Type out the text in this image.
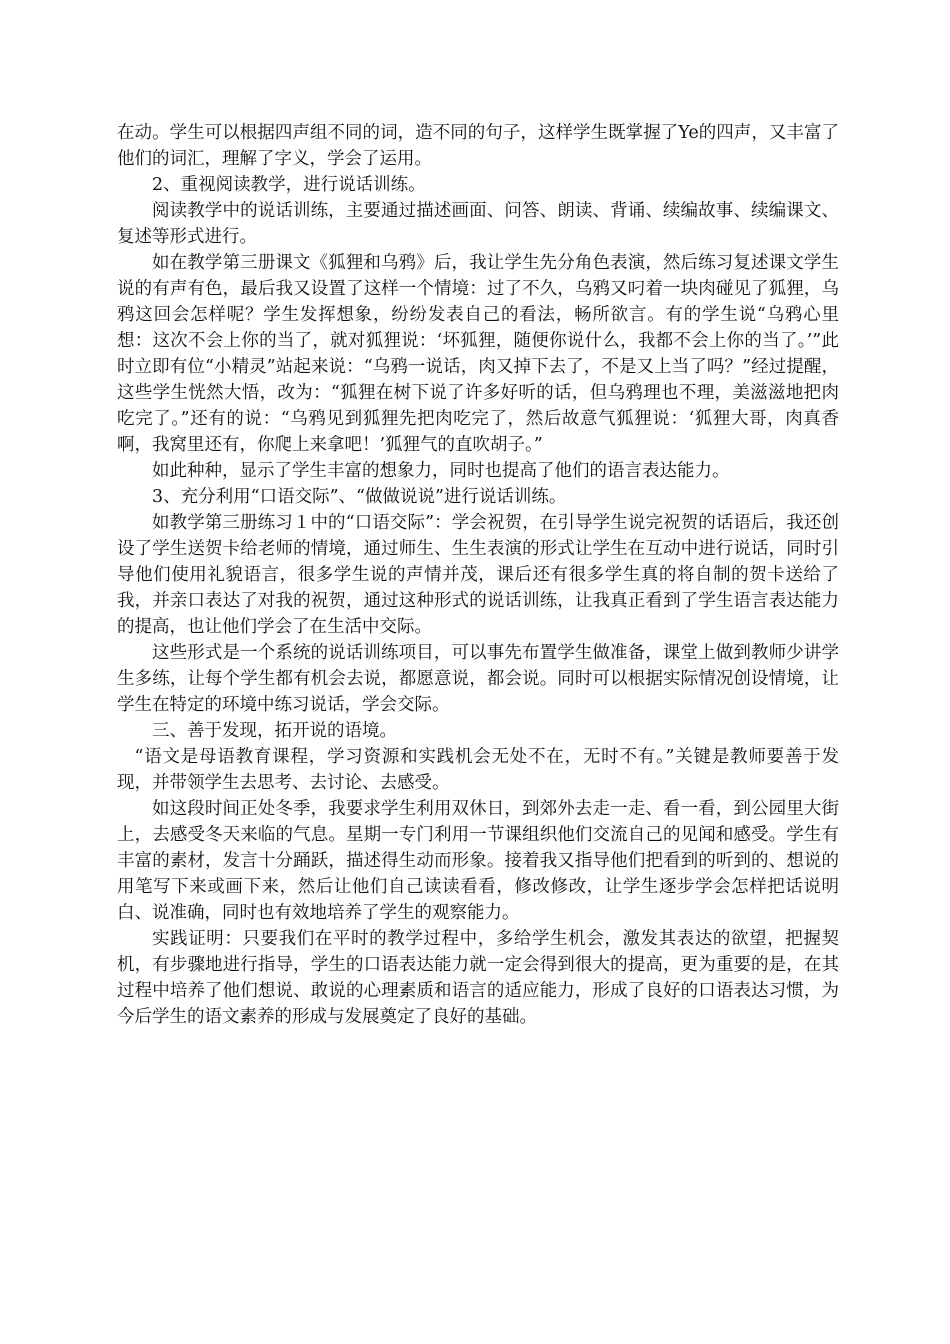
在动。学生可以根据四声组不同的词，造不同的句子，这样学生既掌握了Ye的四声，又丰富了他们的词汇，理解了字义，学会了运用。

2、重视阅读教学，进行说话训练。

阅读教学中的说话训练，主要通过描述画面、问答、朗读、背诵、续编故事、续编课文、复述等形式进行。

如在教学第三册课文《狐狸和乌鸦》后，我让学生先分角色表演，然后练习复述课文学生说的有声有色，最后我又设置了这样一个情境：过了不久，乌鸦又叼着一块肉碰见了狐狸，乌鸦这回会怎样呢？学生发挥想象，纷纷发表自己的看法，畅所欲言。有的学生说“乌鸦心里想：这次不会上你的当了，就对狐狸说：‘坏狐狸，随便你说什么，我都不会上你的当了。’”此时立即有位“小精灵”站起来说：“乌鸦一说话，肉又掉下去了，不是又上当了吗？”经过提醒，这些学生恍然大悟，改为：“狐狸在树下说了许多好听的话，但乌鸦理也不理，美滋滋地把肉吃完了。”还有的说：“乌鸦见到狐狸先把肉吃完了，然后故意气狐狸说：‘狐狸大哥，肉真香啊，我窝里还有，你爬上来拿吧！’狐狸气的直吹胡子。”

如此种种，显示了学生丰富的想象力，同时也提高了他们的语言表达能力。

3、充分利用“口语交际”、“做做说说”进行说话训练。

如教学第三册练习１中的“口语交际”：学会祝贺，在引导学生说完祝贺的话语后，我还创设了学生送贺卡给老师的情境，通过师生、生生表演的形式让学生在互动中进行说话，同时引导他们使用礼貌语言，很多学生说的声情并茂，课后还有很多学生真的将自制的贺卡送给了我，并亲口表达了对我的祝贺，通过这种形式的说话训练，让我真正看到了学生语言表达能力的提高，也让他们学会了在生活中交际。

这些形式是一个系统的说话训练项目，可以事先布置学生做准备，课堂上做到教师少讲学生多练，让每个学生都有机会去说，都愿意说，都会说。同时可以根据实际情况创设情境，让学生在特定的环境中练习说话，学会交际。

三、善于发现，拓开说的语境。

“语文是母语教育课程，学习资源和实践机会无处不在，无时不有。”关键是教师要善于发现，并带领学生去思考、去讨论、去感受。

如这段时间正处冬季，我要求学生利用双休日，到郊外去走一走、看一看，到公园里大街上，去感受冬天来临的气息。星期一专门利用一节课组织他们交流自己的见闻和感受。学生有丰富的素材，发言十分踊跃，描述得生动而形象。接着我又指导他们把看到的听到的、想说的用笔写下来或画下来，然后让他们自己读读看看，修改修改，让学生逐步学会怎样把话说明白、说准确，同时也有效地培养了学生的观察能力。

实践证明：只要我们在平时的教学过程中，多给学生机会，激发其表达的欲望，把握契机，有步骤地进行指导，学生的口语表达能力就一定会得到很大的提高，更为重要的是，在其过程中培养了他们想说、敢说的心理素质和语言的适应能力，形成了良好的口语表达习惯，为今后学生的语文素养的形成与发展奠定了良好的基础。
